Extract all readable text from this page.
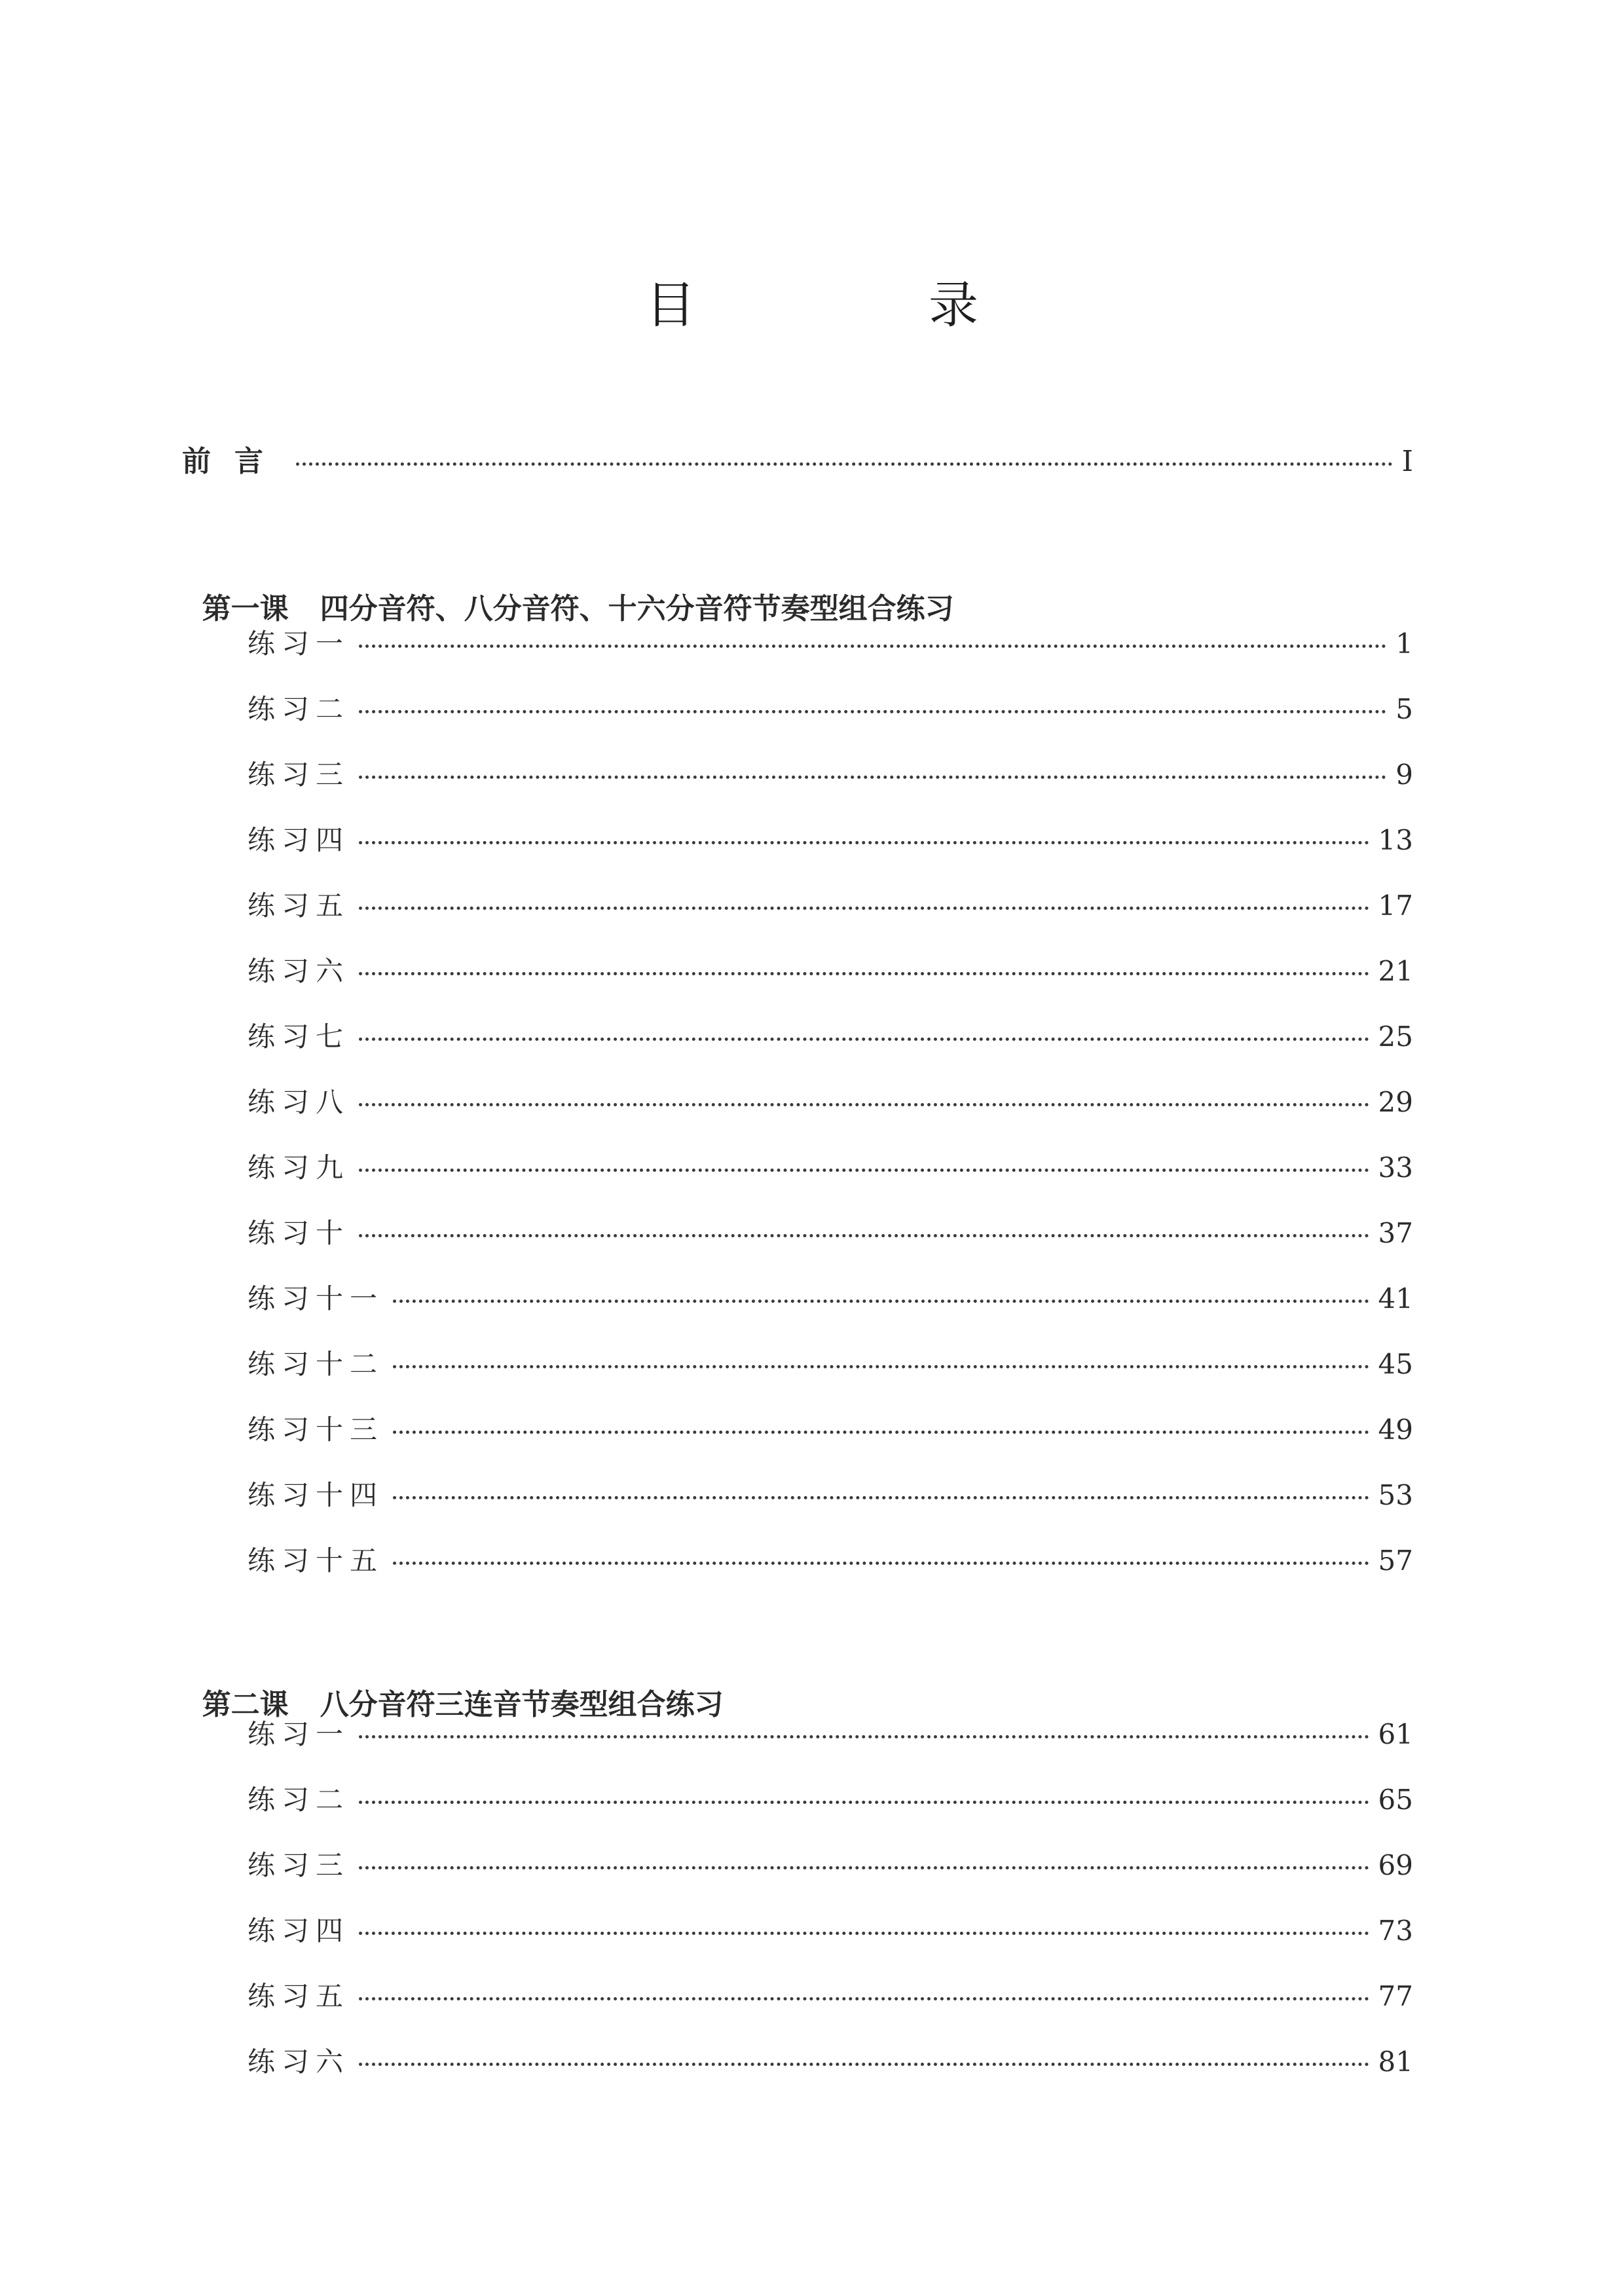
目　录
前言	I

第一课 四分音符、八分音符、十六分音符节奏型组合练习

练习一	1
练习二	5
练习三	9
练习四	13
练习五	17
练习六	21
练习七	25
练习八	29
练习九	33
练习十	37
练习十一	41
练习十二	45
练习十三	49
练习十四	53
练习十五	57

第二课 八分音符三连音节奏型组合练习

练习一	61
练习二	65
练习三	69
练习四	73
练习五	77
练习六	81
